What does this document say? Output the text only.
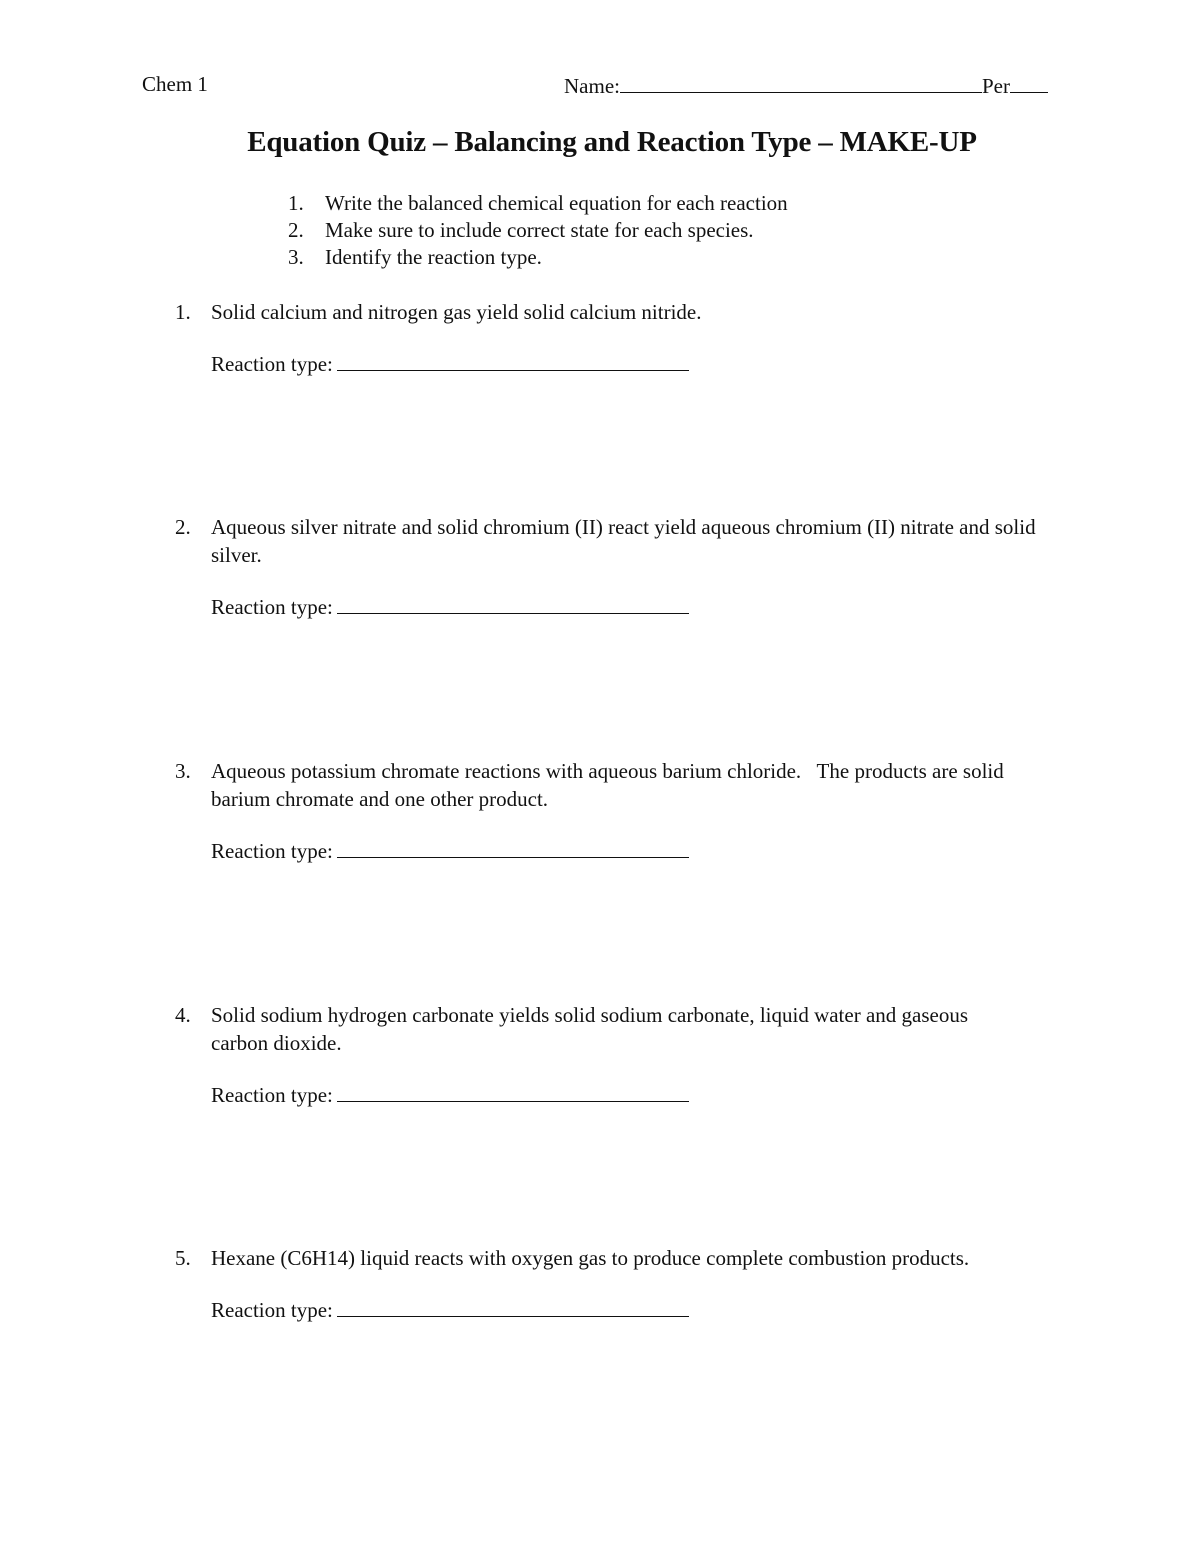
Chem 1	Name:	Per
Equation Quiz – Balancing and Reaction Type – MAKE-UP
1. Write the balanced chemical equation for each reaction
2. Make sure to include correct state for each species.
3. Identify the reaction type.
1. Solid calcium and nitrogen gas yield solid calcium nitride.
Reaction type:
2. Aqueous silver nitrate and solid chromium (II) react yield aqueous chromium (II) nitrate and solid silver.
Reaction type:
3. Aqueous potassium chromate reactions with aqueous barium chloride.   The products are solid barium chromate and one other product.
Reaction type:
4. Solid sodium hydrogen carbonate yields solid sodium carbonate, liquid water and gaseous carbon dioxide.
Reaction type:
5. Hexane (C6H14) liquid reacts with oxygen gas to produce complete combustion products.
Reaction type:
